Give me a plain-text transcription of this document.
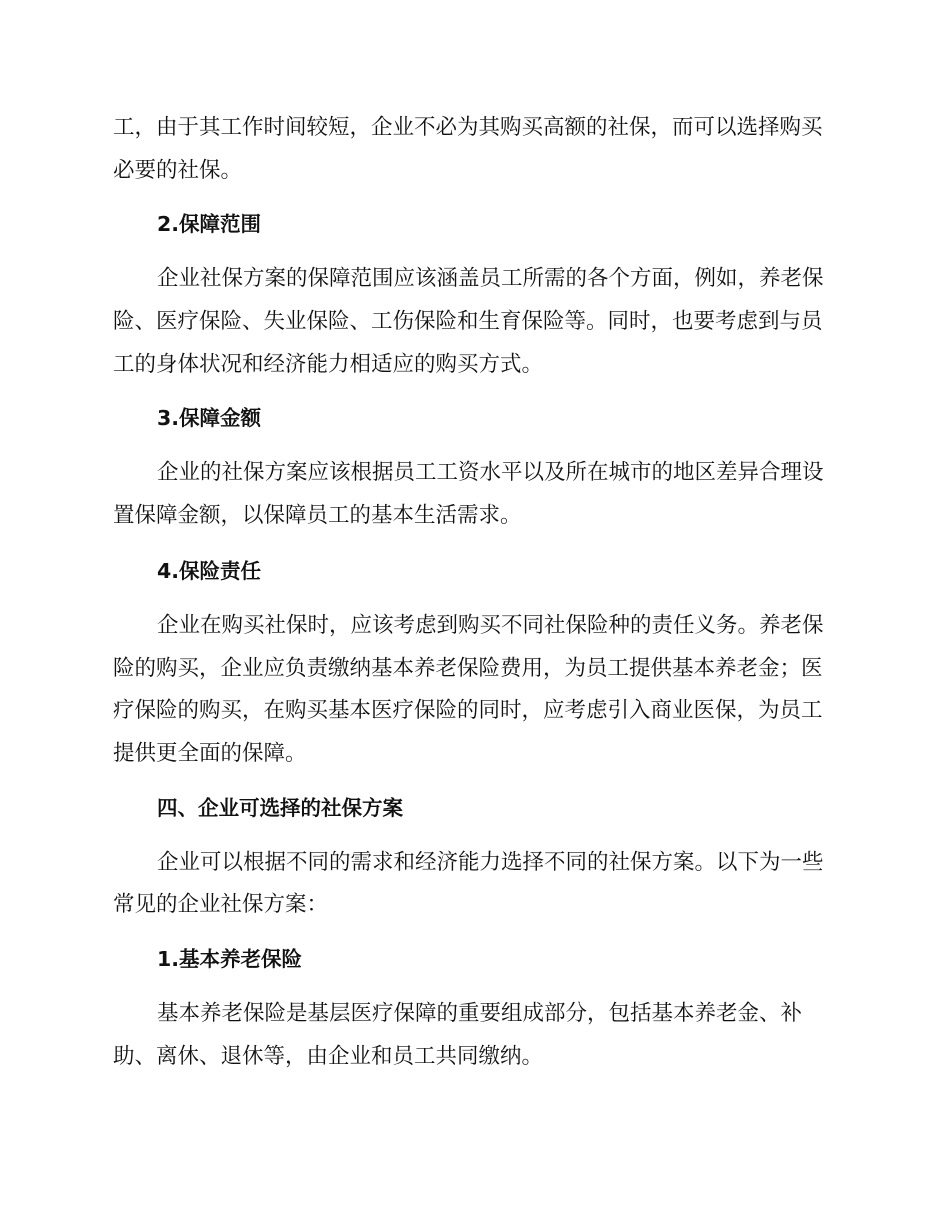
工，由于其工作时间较短，企业不必为其购买高额的社保，而可以选择购买
必要的社保。
2.保障范围
企业社保方案的保障范围应该涵盖员工所需的各个方面，例如，养老保
险、医疗保险、失业保险、工伤保险和生育保险等。同时，也要考虑到与员
工的身体状况和经济能力相适应的购买方式。
3.保障金额
企业的社保方案应该根据员工工资水平以及所在城市的地区差异合理设
置保障金额，以保障员工的基本生活需求。
4.保险责任
企业在购买社保时，应该考虑到购买不同社保险种的责任义务。养老保
险的购买，企业应负责缴纳基本养老保险费用，为员工提供基本养老金；医
疗保险的购买，在购买基本医疗保险的同时，应考虑引入商业医保，为员工
提供更全面的保障。
四、企业可选择的社保方案
企业可以根据不同的需求和经济能力选择不同的社保方案。以下为一些
常见的企业社保方案：
1.基本养老保险
基本养老保险是基层医疗保障的重要组成部分，包括基本养老金、补
助、离休、退休等，由企业和员工共同缴纳。
